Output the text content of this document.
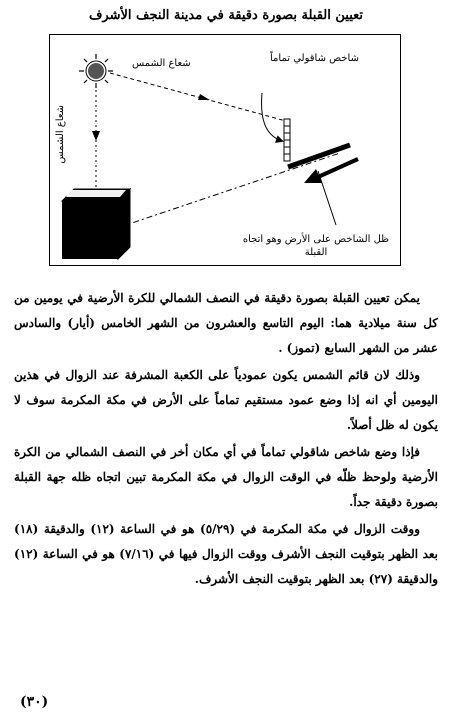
تعيين القبلة بصورة دقيقة في مدينة النجف الأشرف
شعاع الشمس	شاخص شاقولي تماماً
شعاع الشمس
ظل الشاخص على الأرض وهو اتجاه القبلة

يمكن تعيين القبلة بصورة دقيقة في النصف الشمالي للكرة الأرضية في يومين من كل سنة ميلادية هما: اليوم التاسع والعشرون من الشهر الخامس (أيار) والسادس عشر من الشهر السابع (تموز) .

وذلك لان قائم الشمس يكون عمودياً على الكعبة المشرفة عند الزوال في هذين اليومين أي انه إذا وضع عمود مستقيم تماماً على الأرض في مكة المكرمة سوف لا يكون له ظل أصلاً.

فإذا وضع شاخص شاقولي تماماً في أي مكان أخر في النصف الشمالي من الكرة الأرضية ولوحظ ظلّه في الوقت الزوال في مكة المكرمة تبين اتجاه ظله جهة القبلة بصورة دقيقة جداً.

ووقت الزوال في مكة المكرمة في (٥/٢٩) هو في الساعة (١٢) والدقيقة (١٨) بعد الظهر بتوقيت النجف الأشرف ووقت الزوال فيها في (٧/١٦) هو في الساعة (١٢) والدقيقة (٢٧) بعد الظهر بتوقيت النجف الأشرف.

(٣٠)
